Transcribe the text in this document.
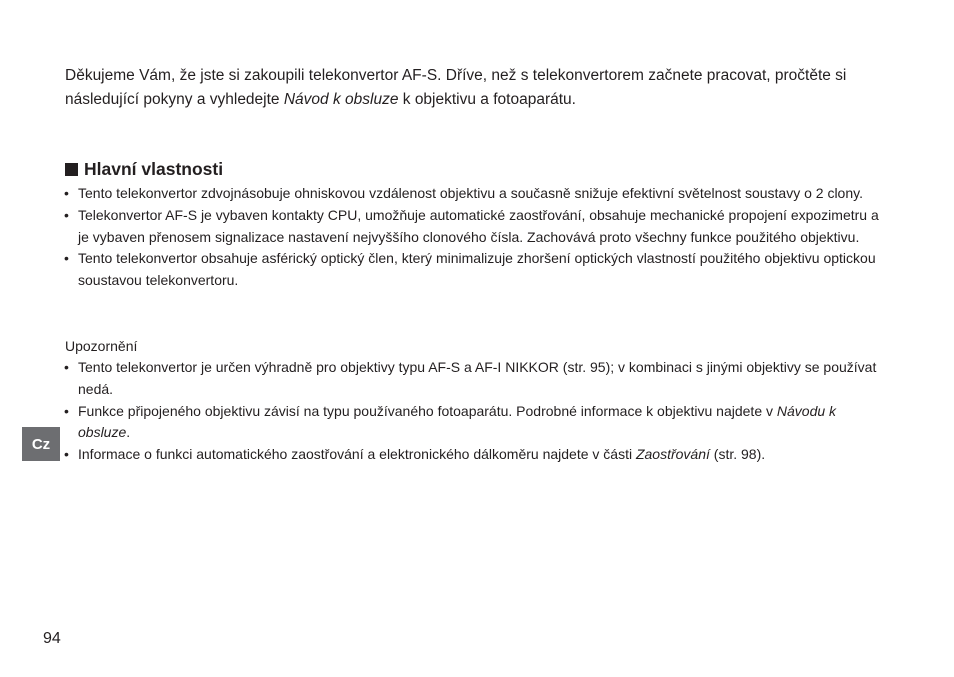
Děkujeme Vám, že jste si zakoupili telekonvertor AF-S. Dříve, než s telekonvertorem začnete pracovat, pročtěte si následující pokyny a vyhledejte Návod k obsluze k objektivu a fotoaparátu.

Hlavní vlastnosti
• Tento telekonvertor zdvojnásobuje ohniskovou vzdálenost objektivu a současně snižuje efektivní světelnost soustavy o 2 clony.
• Telekonvertor AF-S je vybaven kontakty CPU, umožňuje automatické zaostřování, obsahuje mechanické propojení expozimetru a je vybaven přenosem signalizace nastavení nejvyššího clonového čísla. Zachovává proto všechny funkce použitého objektivu.
• Tento telekonvertor obsahuje asférický optický člen, který minimalizuje zhoršení optických vlastností použitého objektivu optickou soustavou telekonvertoru.

Upozornění

• Tento telekonvertor je určen výhradně pro objektivy typu AF-S a AF-I NIKKOR (str. 95); v kombinaci s jinými objektivy se používat nedá.
• Funkce připojeného objektivu závisí na typu používaného fotoaparátu. Podrobné informace k objektivu najdete v Návodu k obsluze.
• Informace o funkci automatického zaostřování a elektronického dálkoměru najdete v části Zaostřování (str. 98).
Cz
94
